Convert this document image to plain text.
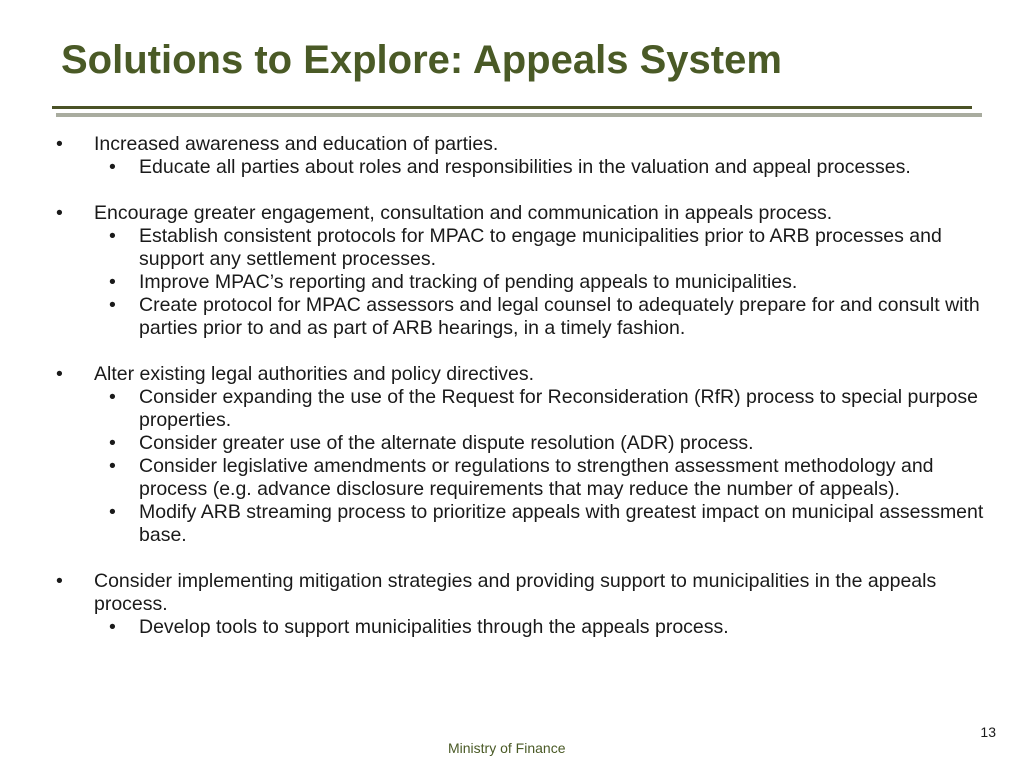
Solutions to Explore: Appeals System
• Increased awareness and education of parties.
• Educate all parties about roles and responsibilities in the valuation and appeal processes.
• Encourage greater engagement, consultation and communication in appeals process.
• Establish consistent protocols for MPAC to engage municipalities prior to ARB processes and support any settlement processes.
• Improve MPAC’s reporting and tracking of pending appeals to municipalities.
• Create protocol for MPAC assessors and legal counsel to adequately prepare for and consult with parties prior to and as part of ARB hearings, in a timely fashion.
• Alter existing legal authorities and policy directives.
• Consider expanding the use of the Request for Reconsideration (RfR) process to special purpose properties.
• Consider greater use of the alternate dispute resolution (ADR) process.
• Consider legislative amendments or regulations to strengthen assessment methodology and process (e.g. advance disclosure requirements that may reduce the number of appeals).
• Modify ARB streaming process to prioritize appeals with greatest impact on municipal assessment base.
• Consider implementing mitigation strategies and providing support to municipalities in the appeals process.
• Develop tools to support municipalities through the appeals process.
13
Ministry of Finance
